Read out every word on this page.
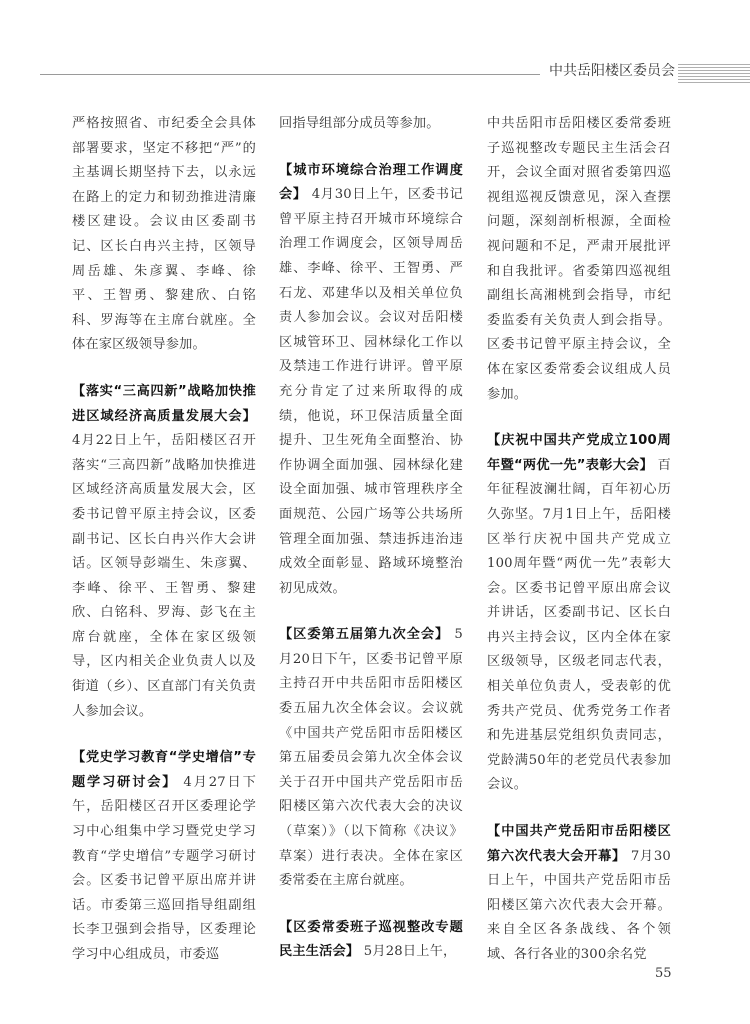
中共岳阳楼区委员会

严格按照省、市纪委全会具体部署要求，坚定不移把“严”的主基调长期坚持下去，以永远在路上的定力和韧劲推进清廉楼区建设。会议由区委副书记、区长白冉兴主持，区领导周岳雄、朱彦翼、李峰、徐平、王智勇、黎建欣、白铭科、罗海等在主席台就座。全体在家区级领导参加。

【落实“三高四新”战略加快推进区域经济高质量发展大会】 4月22日上午，岳阳楼区召开落实“三高四新”战略加快推进区域经济高质量发展大会，区委书记曾平原主持会议，区委副书记、区长白冉兴作大会讲话。区领导彭端生、朱彦翼、李峰、徐平、王智勇、黎建欣、白铭科、罗海、彭飞在主席台就座，全体在家区级领导，区内相关企业负责人以及街道（乡）、区直部门有关负责人参加会议。

【党史学习教育“学史增信”专题学习研讨会】 4月27日下午，岳阳楼区召开区委理论学习中心组集中学习暨党史学习教育“学史增信”专题学习研讨会。区委书记曾平原出席并讲话。市委第三巡回指导组副组长李卫强到会指导，区委理论学习中心组成员，市委巡

回指导组部分成员等参加。

【城市环境综合治理工作调度会】 4月30日上午，区委书记曾平原主持召开城市环境综合治理工作调度会，区领导周岳雄、李峰、徐平、王智勇、严石龙、邓建华以及相关单位负责人参加会议。会议对岳阳楼区城管环卫、园林绿化工作以及禁违工作进行讲评。曾平原充分肯定了过来所取得的成绩，他说，环卫保洁质量全面提升、卫生死角全面整治、协作协调全面加强、园林绿化建设全面加强、城市管理秩序全面规范、公园广场等公共场所管理全面加强、禁违拆违治违成效全面彰显、路域环境整治初见成效。

【区委第五届第九次全会】 5月20日下午，区委书记曾平原主持召开中共岳阳市岳阳楼区委五届九次全体会议。会议就《中国共产党岳阳市岳阳楼区第五届委员会第九次全体会议关于召开中国共产党岳阳市岳阳楼区第六次代表大会的决议（草案）》（以下简称《决议》草案）进行表决。全体在家区委常委在主席台就座。

【区委常委班子巡视整改专题民主生活会】 5月28日上午，

中共岳阳市岳阳楼区委常委班子巡视整改专题民主生活会召开，会议全面对照省委第四巡视组巡视反馈意见，深入查摆问题，深刻剖析根源，全面检视问题和不足，严肃开展批评和自我批评。省委第四巡视组副组长高湘桃到会指导，市纪委监委有关负责人到会指导。区委书记曾平原主持会议，全体在家区委常委会议组成人员参加。

【庆祝中国共产党成立100周年暨“两优一先”表彰大会】 百年征程波澜壮阔，百年初心历久弥坚。7月1日上午，岳阳楼区举行庆祝中国共产党成立100周年暨“两优一先”表彰大会。区委书记曾平原出席会议并讲话，区委副书记、区长白冉兴主持会议，区内全体在家区级领导，区级老同志代表，相关单位负责人，受表彰的优秀共产党员、优秀党务工作者和先进基层党组织负责同志，党龄满50年的老党员代表参加会议。

【中国共产党岳阳市岳阳楼区第六次代表大会开幕】 7月30日上午，中国共产党岳阳市岳阳楼区第六次代表大会开幕。来自全区各条战线、各个领域、各行各业的300余名党

55
